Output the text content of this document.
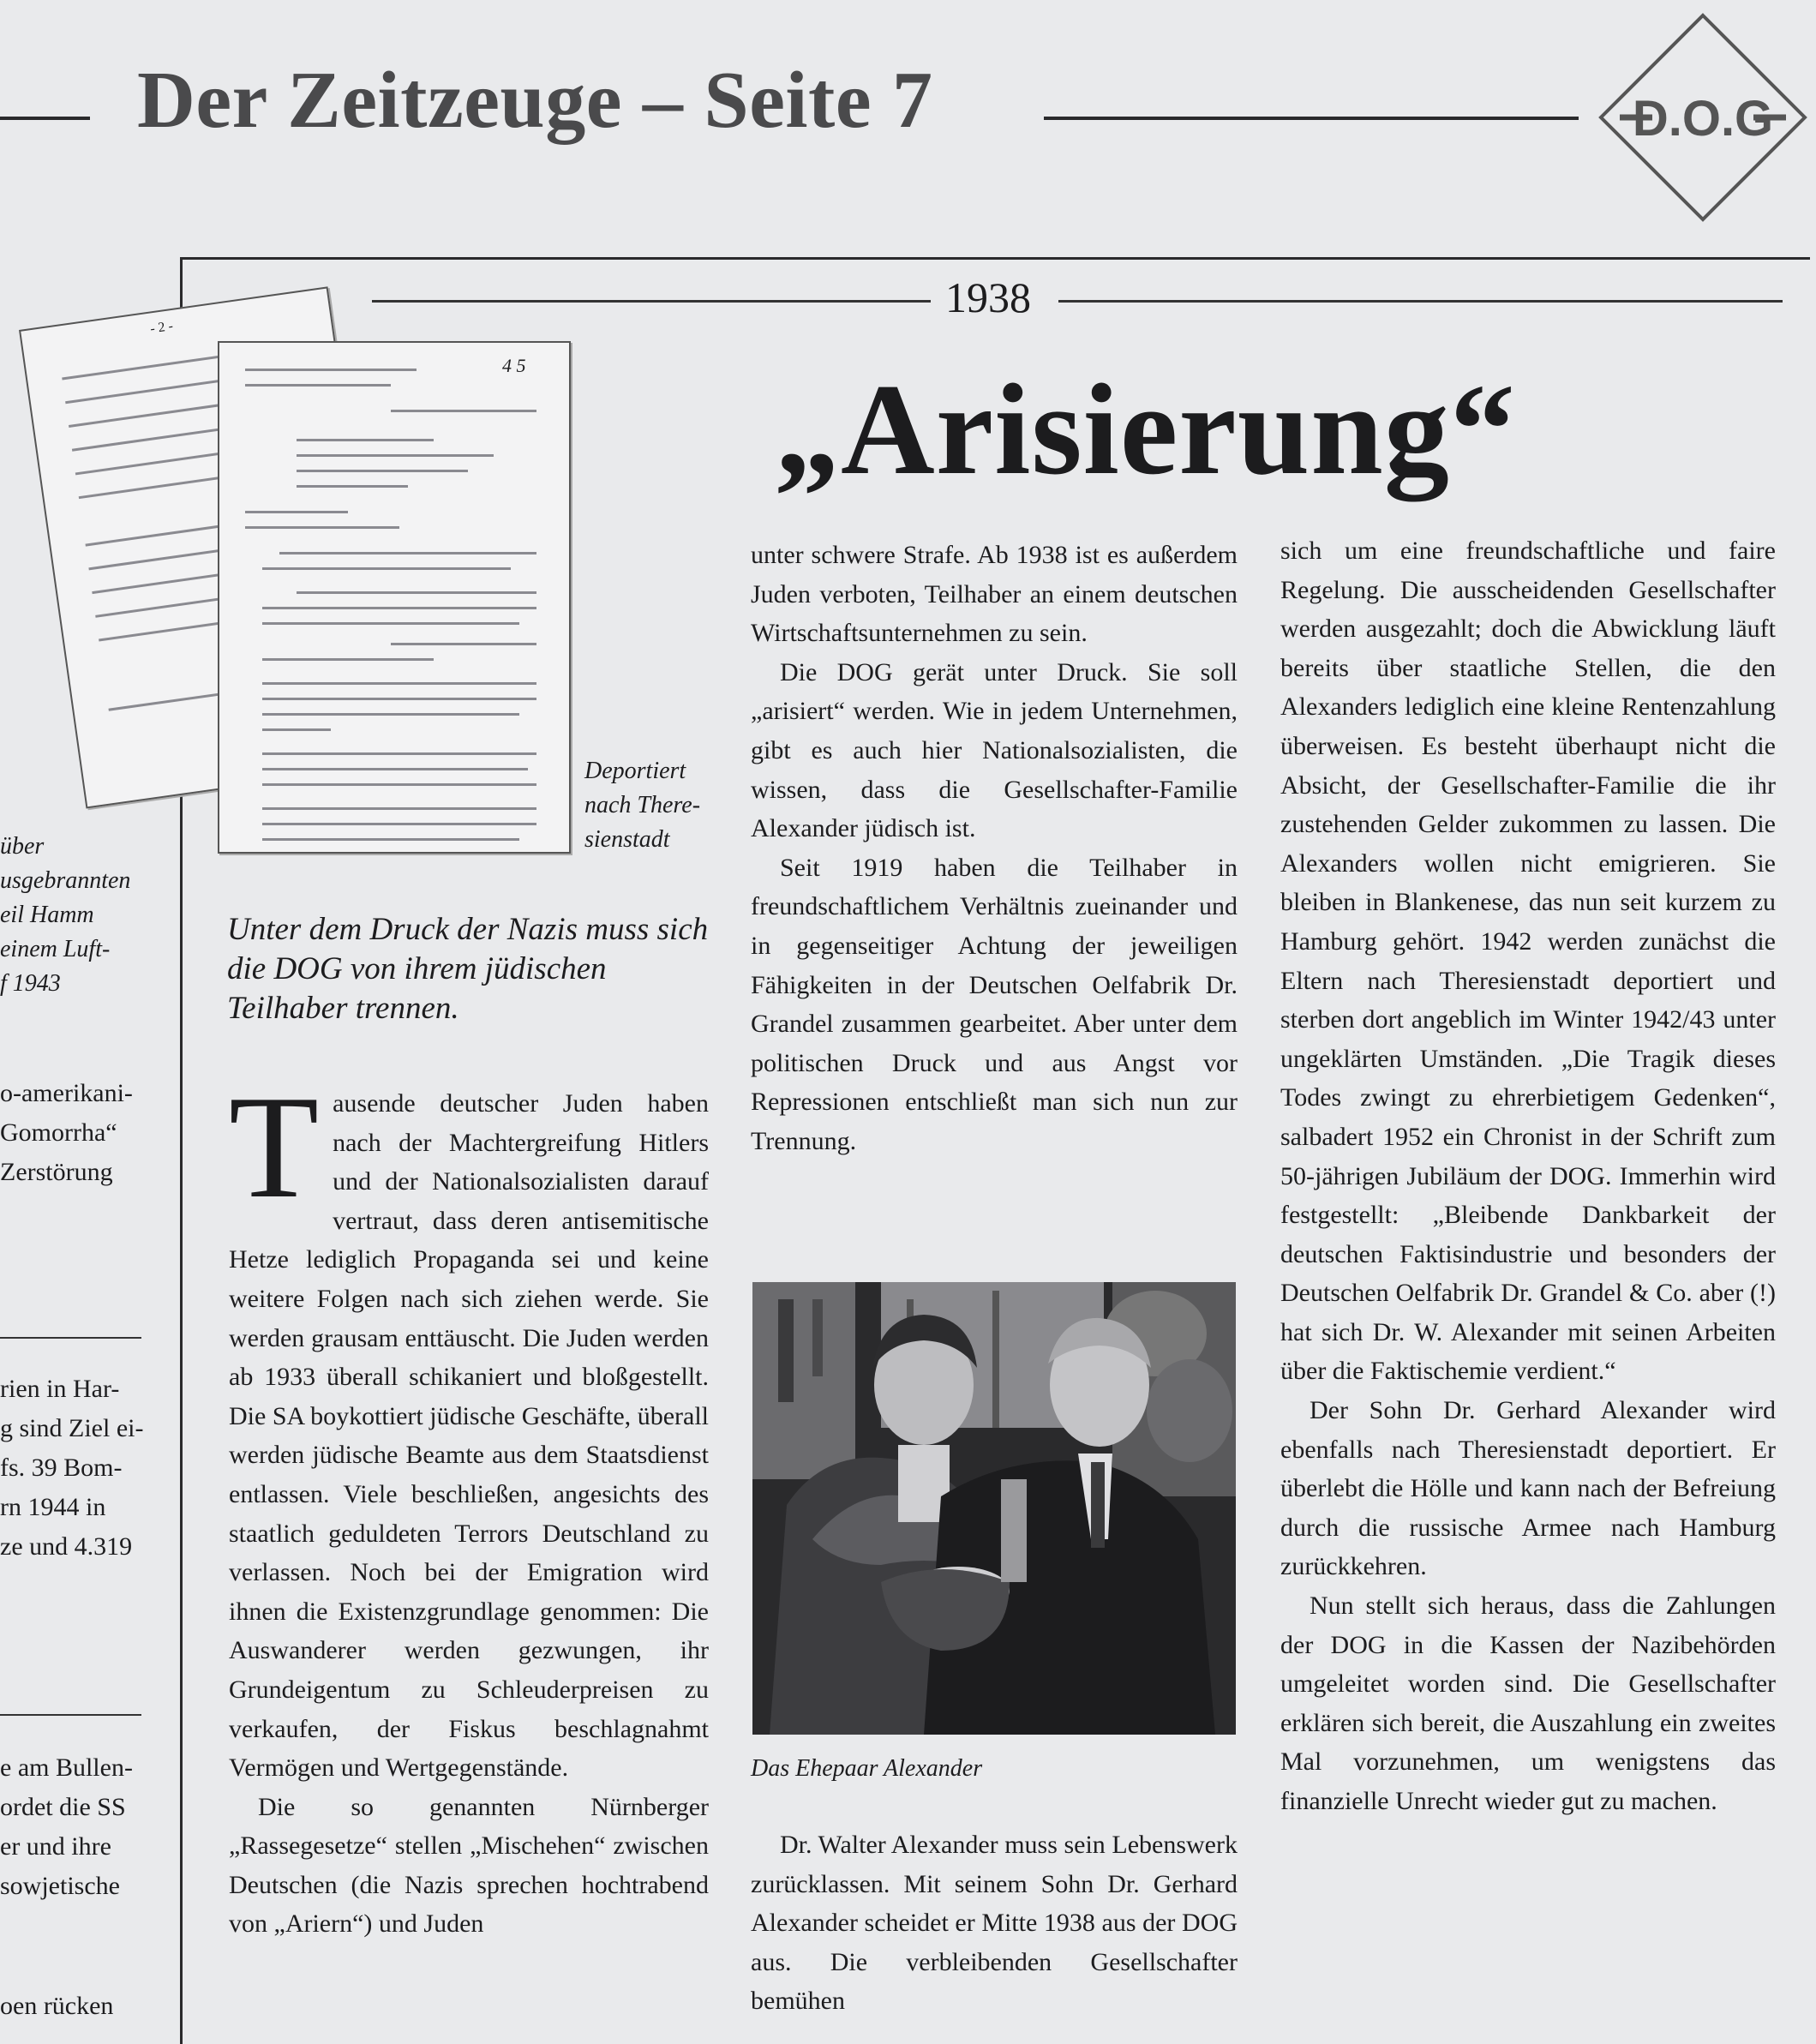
Der Zeitzeuge – Seite 7	D.O.G
1938
„Arisierung“
- 2 -
4 5
Deportiert
nach There-
sienstadt
über
usgebrannten
eil Hamm
einem Luft-
f 1943
o-amerikani-
Gomorrha“
Zerstörung
rien in Har-
g sind Ziel ei-
fs. 39 Bom-
rn 1944 in
ze und 4.319
e am Bullen-
ordet die SS
er und ihre
sowjetische
oen rücken
Unter dem Druck der Nazis muss sich die DOG von ihrem jüdischen Teilhaber trennen.

Tausende deutscher Juden haben nach der Machtergreifung Hitlers und der Nationalsozialisten darauf vertraut, dass deren antisemitische Hetze lediglich Propaganda sei und keine weitere Folgen nach sich ziehen werde. Sie werden grausam enttäuscht. Die Juden werden ab 1933 überall schikaniert und bloßgestellt. Die SA boykottiert jüdische Geschäfte, überall werden jüdische Beamte aus dem Staatsdienst entlassen. Viele beschließen, angesichts des staatlich geduldeten Terrors Deutschland zu verlassen. Noch bei der Emigration wird ihnen die Existenzgrundlage genommen: Die Auswanderer werden gezwungen, ihr Grundeigentum zu Schleuderpreisen zu verkaufen, der Fiskus beschlagnahmt Vermögen und Wertgegenstände.

Die so genannten Nürnberger „Rassegesetze“ stellen „Mischehen“ zwischen Deutschen (die Nazis sprechen hochtrabend von „Ariern“) und Juden

unter schwere Strafe. Ab 1938 ist es außerdem Juden verboten, Teilhaber an einem deutschen Wirtschaftsunternehmen zu sein.

Die DOG gerät unter Druck. Sie soll „arisiert“ werden. Wie in jedem Unternehmen, gibt es auch hier Nationalsozialisten, die wissen, dass die Gesellschafter-Familie Alexander jüdisch ist.

Seit 1919 haben die Teilhaber in freundschaftlichem Verhältnis zueinander und in gegenseitiger Achtung der jeweiligen Fähigkeiten in der Deutschen Oelfabrik Dr. Grandel zusammen gearbeitet. Aber unter dem politischen Druck und aus Angst vor Repressionen entschließt man sich nun zur Trennung.

Das Ehepaar Alexander

Dr. Walter Alexander muss sein Lebenswerk zurücklassen. Mit seinem Sohn Dr. Gerhard Alexander scheidet er Mitte 1938 aus der DOG aus. Die verbleibenden Gesellschafter bemühen

sich um eine freundschaftliche und faire Regelung. Die ausscheidenden Gesellschafter werden ausgezahlt; doch die Abwicklung läuft bereits über staatliche Stellen, die den Alexanders lediglich eine kleine Rentenzahlung überweisen. Es besteht überhaupt nicht die Absicht, der Gesellschafter-Familie die ihr zustehenden Gelder zukommen zu lassen. Die Alexanders wollen nicht emigrieren. Sie bleiben in Blankenese, das nun seit kurzem zu Hamburg gehört. 1942 werden zunächst die Eltern nach Theresienstadt deportiert und sterben dort angeblich im Winter 1942/43 unter ungeklärten Umständen. „Die Tragik dieses Todes zwingt zu ehrerbietigem Gedenken“, salbadert 1952 ein Chronist in der Schrift zum 50-jährigen Jubiläum der DOG. Immerhin wird festgestellt: „Bleibende Dankbarkeit der deutschen Faktisindustrie und besonders der Deutschen Oelfabrik Dr. Grandel & Co. aber (!) hat sich Dr. W. Alexander mit seinen Arbeiten über die Faktischemie verdient.“

Der Sohn Dr. Gerhard Alexander wird ebenfalls nach Theresienstadt deportiert. Er überlebt die Hölle und kann nach der Befreiung durch die russische Armee nach Hamburg zurückkehren.

Nun stellt sich heraus, dass die Zahlungen der DOG in die Kassen der Nazibehörden umgeleitet worden sind. Die Gesellschafter erklären sich bereit, die Auszahlung ein zweites Mal vorzunehmen, um wenigstens das finanzielle Unrecht wieder gut zu machen.
